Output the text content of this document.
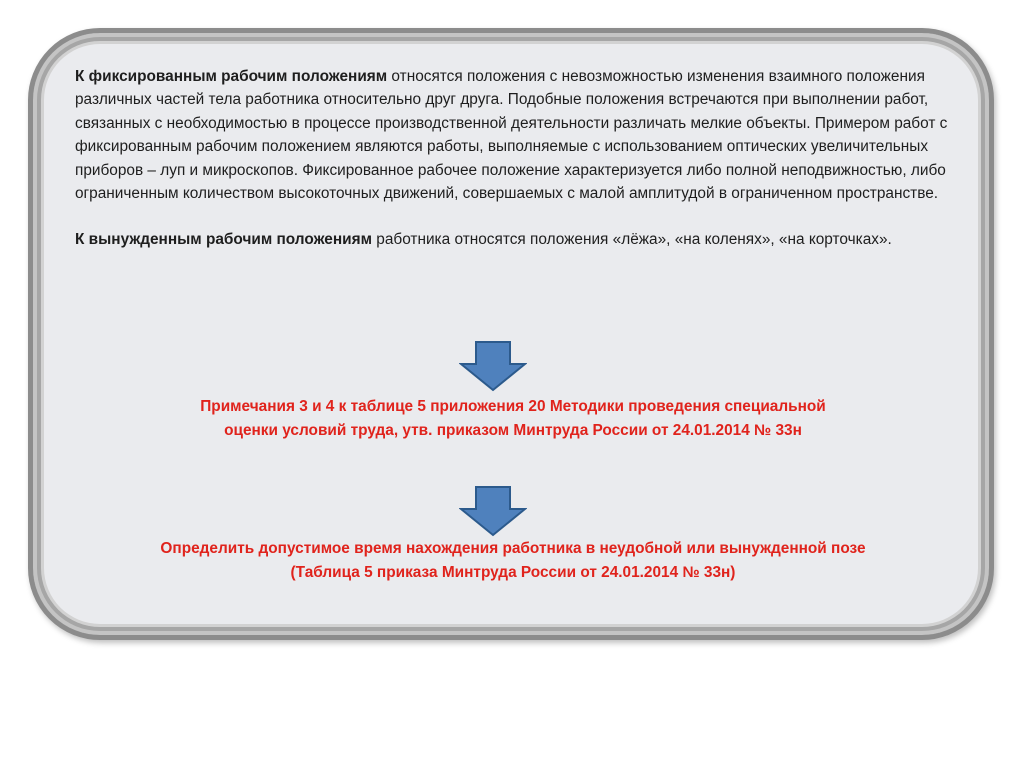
К фиксированным рабочим положениям относятся положения с невозможностью изменения взаимного положения различных частей тела работника относительно друг друга. Подобные положения встречаются при выполнении работ, связанных с необходимостью в процессе производственной деятельности различать мелкие объекты. Примером работ с фиксированным рабочим положением являются работы, выполняемые с использованием оптических увеличительных приборов – луп и микроскопов. Фиксированное рабочее положение характеризуется либо полной неподвижностью, либо ограниченным количеством высокоточных движений, совершаемых с малой амплитудой в ограниченном пространстве.

К вынужденным рабочим положениям работника относятся положения «лёжа», «на коленях», «на корточках».

Примечания 3 и 4 к таблице 5 приложения 20 Методики проведения специальной
оценки условий труда, утв. приказом Минтруда России от 24.01.2014 № 33н

Определить допустимое время нахождения работника в неудобной или вынужденной позе
(Таблица 5 приказа Минтруда России от 24.01.2014 № 33н)
